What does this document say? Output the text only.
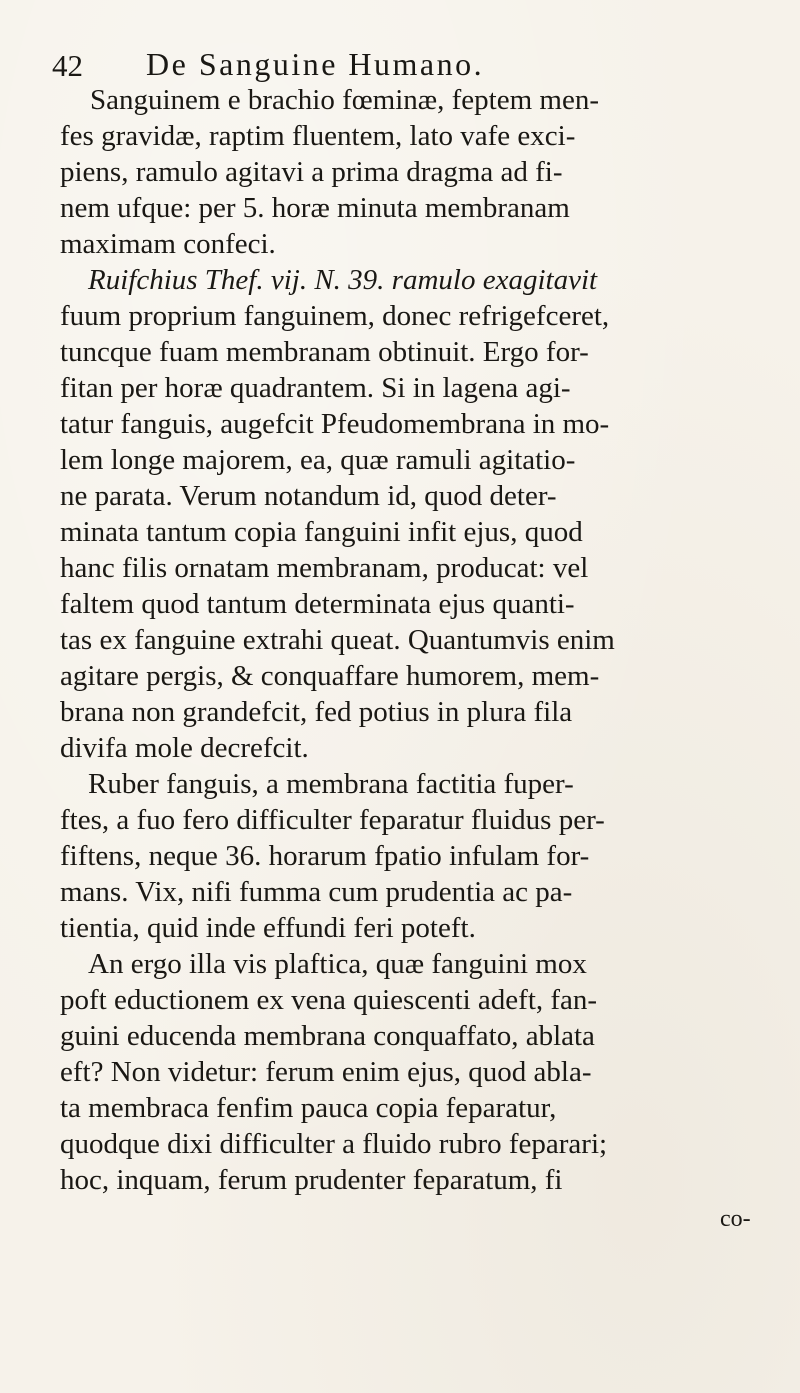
42 De Sanguine Humano.
Sanguinem e brachio fœminæ, feptem men-
fes gravidæ, raptim fluentem, lato vafe exci-
piens, ramulo agitavi a prima dragma ad fi-
nem ufque: per 5. horæ minuta membranam
maximam confeci.
Ruifchius Thef. vij. N. 39. ramulo exagitavit
fuum proprium fanguinem, donec refrigefceret,
tuncque fuam membranam obtinuit. Ergo for-
fitan per horæ quadrantem. Si in lagena agi-
tatur fanguis, augefcit Pfeudomembrana in mo-
lem longe majorem, ea, quæ ramuli agitatio-
ne parata. Verum notandum id, quod deter-
minata tantum copia fanguini infit ejus, quod
hanc filis ornatam membranam, producat: vel
faltem quod tantum determinata ejus quanti-
tas ex fanguine extrahi queat. Quantumvis enim
agitare pergis, & conquaffare humorem, mem-
brana non grandefcit, fed potius in plura fila
divifa mole decrefcit.
Ruber fanguis, a membrana factitia fuper-
ftes, a fuo fero difficulter feparatur fluidus per-
fiftens, neque 36. horarum fpatio infulam for-
mans. Vix, nifi fumma cum prudentia ac pa-
tientia, quid inde effundi feri poteft.
An ergo illa vis plaftica, quæ fanguini mox
poft eductionem ex vena quiescenti adeft, fan-
guini educenda membrana conquaffato, ablata
eft? Non videtur: ferum enim ejus, quod abla-
ta membraca fenfim pauca copia feparatur,
quodque dixi difficulter a fluido rubro feparari;
hoc, inquam, ferum prudenter feparatum, fi
co-
